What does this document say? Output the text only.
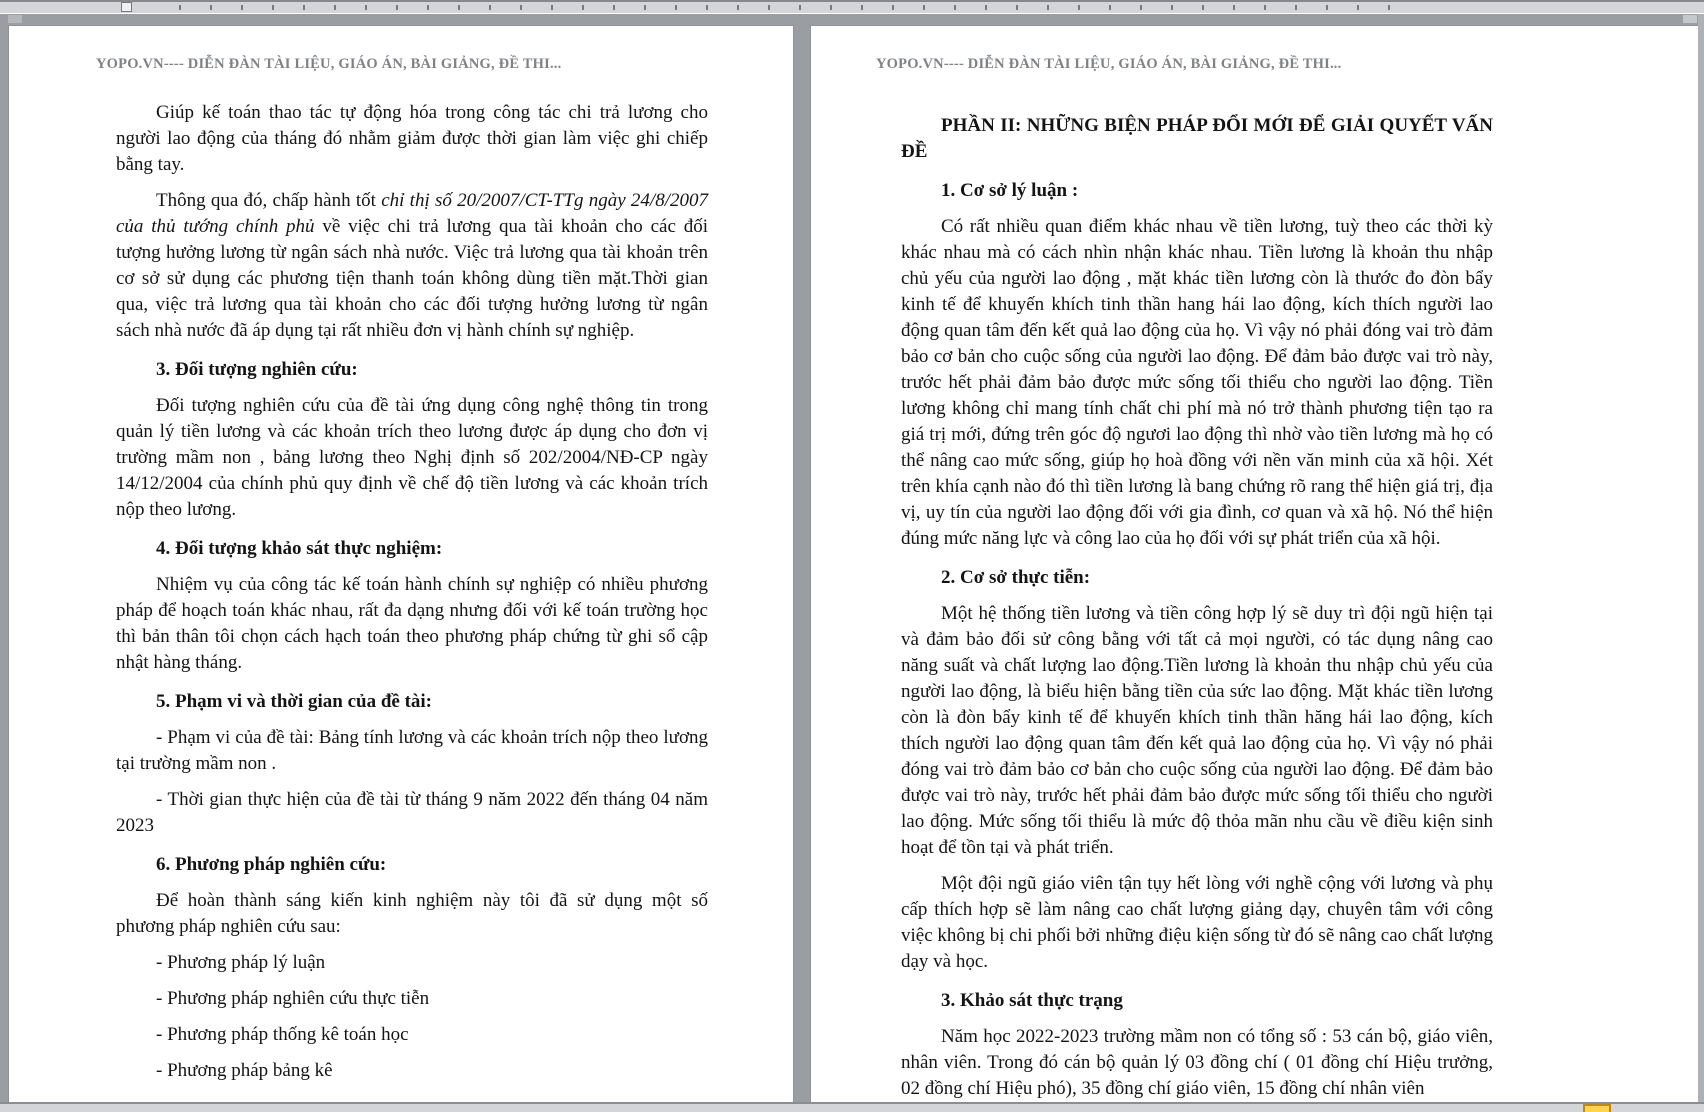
YOPO.VN---- DIỄN ĐÀN TÀI LIỆU, GIÁO ÁN, BÀI GIẢNG, ĐỀ THI...

Giúp kế toán thao tác tự động hóa trong công tác chi trả lương cho người lao động của tháng đó nhằm giảm được thời gian làm việc ghi chiếp bằng tay.

Thông qua đó, chấp hành tốt chỉ thị số 20/2007/CT-TTg ngày 24/8/2007 của thủ tướng chính phủ về việc chi trả lương qua tài khoản cho các đối tượng hưởng lương từ ngân sách nhà nước. Việc trả lương qua tài khoản trên cơ sở sử dụng các phương tiện thanh toán không dùng tiền mặt.Thời gian qua, việc trả lương qua tài khoản cho các đối tượng hưởng lương từ ngân sách nhà nước đã áp dụng tại rất nhiều đơn vị hành chính sự nghiệp.

3. Đối tượng nghiên cứu:

Đối tượng nghiên cứu của đề tài ứng dụng công nghệ thông tin trong quản lý tiền lương và các khoản trích theo lương được áp dụng cho đơn vị trường mầm non , bảng lương theo Nghị định số 202/2004/NĐ-CP ngày 14/12/2004 của chính phủ quy định về chế độ tiền lương và các khoản trích nộp theo lương.

4. Đối tượng khảo sát thực nghiệm:

Nhiệm vụ của công tác kế toán hành chính sự nghiệp có nhiều phương pháp để hoạch toán khác nhau, rất đa dạng nhưng đối với kế toán trường học thì bản thân tôi chọn cách hạch toán theo phương pháp chứng từ ghi sổ cập nhật hàng tháng.

5. Phạm vi và thời gian của đề tài:

- Phạm vi của đề tài: Bảng tính lương và các khoản trích nộp theo lương tại trường mầm non .

- Thời gian thực hiện của đề tài từ tháng 9 năm 2022 đến tháng 04 năm 2023

6. Phương pháp nghiên cứu:

Để hoàn thành sáng kiến kinh nghiệm này tôi đã sử dụng một số phương pháp nghiên cứu sau:

- Phương pháp lý luận

- Phương pháp nghiên cứu thực tiễn

- Phương pháp thống kê toán học

- Phương pháp bảng kê

YOPO.VN---- DIỄN ĐÀN TÀI LIỆU, GIÁO ÁN, BÀI GIẢNG, ĐỀ THI...

PHẦN II: NHỮNG BIỆN PHÁP ĐỔI MỚI ĐỂ GIẢI QUYẾT VẤN ĐỀ

1. Cơ sở lý luận :

Có rất nhiều quan điểm khác nhau về tiền lương, tuỳ theo các thời kỳ khác nhau mà có cách nhìn nhận khác nhau. Tiền lương là khoản thu nhập chủ yếu của người lao động , mặt khác tiền lương còn là thước đo đòn bẩy kinh tế để khuyến khích tinh thần hang hái lao động, kích thích người lao động quan tâm đến kết quả lao động của họ. Vì vậy nó phải đóng vai trò đảm bảo cơ bản cho cuộc sống của người lao động. Để đảm bảo được vai trò này, trước hết phải đảm bảo được mức sống tối thiểu cho người lao động. Tiền lương không chỉ mang tính chất chi phí mà nó trở thành phương tiện tạo ra giá trị mới, đứng trên góc độ ngươi lao động thì nhờ vào tiền lương mà họ có thể nâng cao mức sống, giúp họ hoà đồng với nền văn minh của xã hội. Xét trên khía cạnh nào đó thì tiền lương là bang chứng rõ rang thể hiện giá trị, địa vị, uy tín của người lao động đối với gia đình, cơ quan và xã hộ. Nó thể hiện đúng mức năng lực và công lao của họ đối với sự phát triển của xã hội.

2. Cơ sở thực tiễn:

Một hệ thống tiền lương và tiền công hợp lý sẽ duy trì đội ngũ hiện tại và đảm bảo đối sử công bằng với tất cả mọi người, có tác dụng nâng cao năng suất và chất lượng lao động.Tiền lương là khoản thu nhập chủ yếu của người lao động, là biểu hiện bằng tiền của sức lao động. Mặt khác tiền lương còn là đòn bẩy kinh tế để khuyến khích tinh thần hăng hái lao động, kích thích người lao động quan tâm đến kết quả lao động của họ. Vì vậy nó phải đóng vai trò đảm bảo cơ bản cho cuộc sống của người lao động. Để đảm bảo được vai trò này, trước hết phải đảm bảo được mức sống tối thiểu cho người lao động. Mức sống tối thiểu là mức độ thỏa mãn nhu cầu về điều kiện sinh hoạt để tồn tại và phát triển.

Một đội ngũ giáo viên tận tụy hết lòng với nghề cộng với lương và phụ cấp thích hợp sẽ làm nâng cao chất lượng giảng dạy, chuyên tâm với công việc không bị chi phối bởi những điệu kiện sống từ đó sẽ nâng cao chất lượng dạy và học.

3. Khảo sát thực trạng

Năm học 2022-2023 trường mầm non có tổng số : 53 cán bộ, giáo viên, nhân viên. Trong đó cán bộ quản lý 03 đồng chí ( 01 đồng chí Hiệu trưởng, 02 đồng chí Hiệu phó), 35 đồng chí giáo viên, 15 đồng chí nhân viên
